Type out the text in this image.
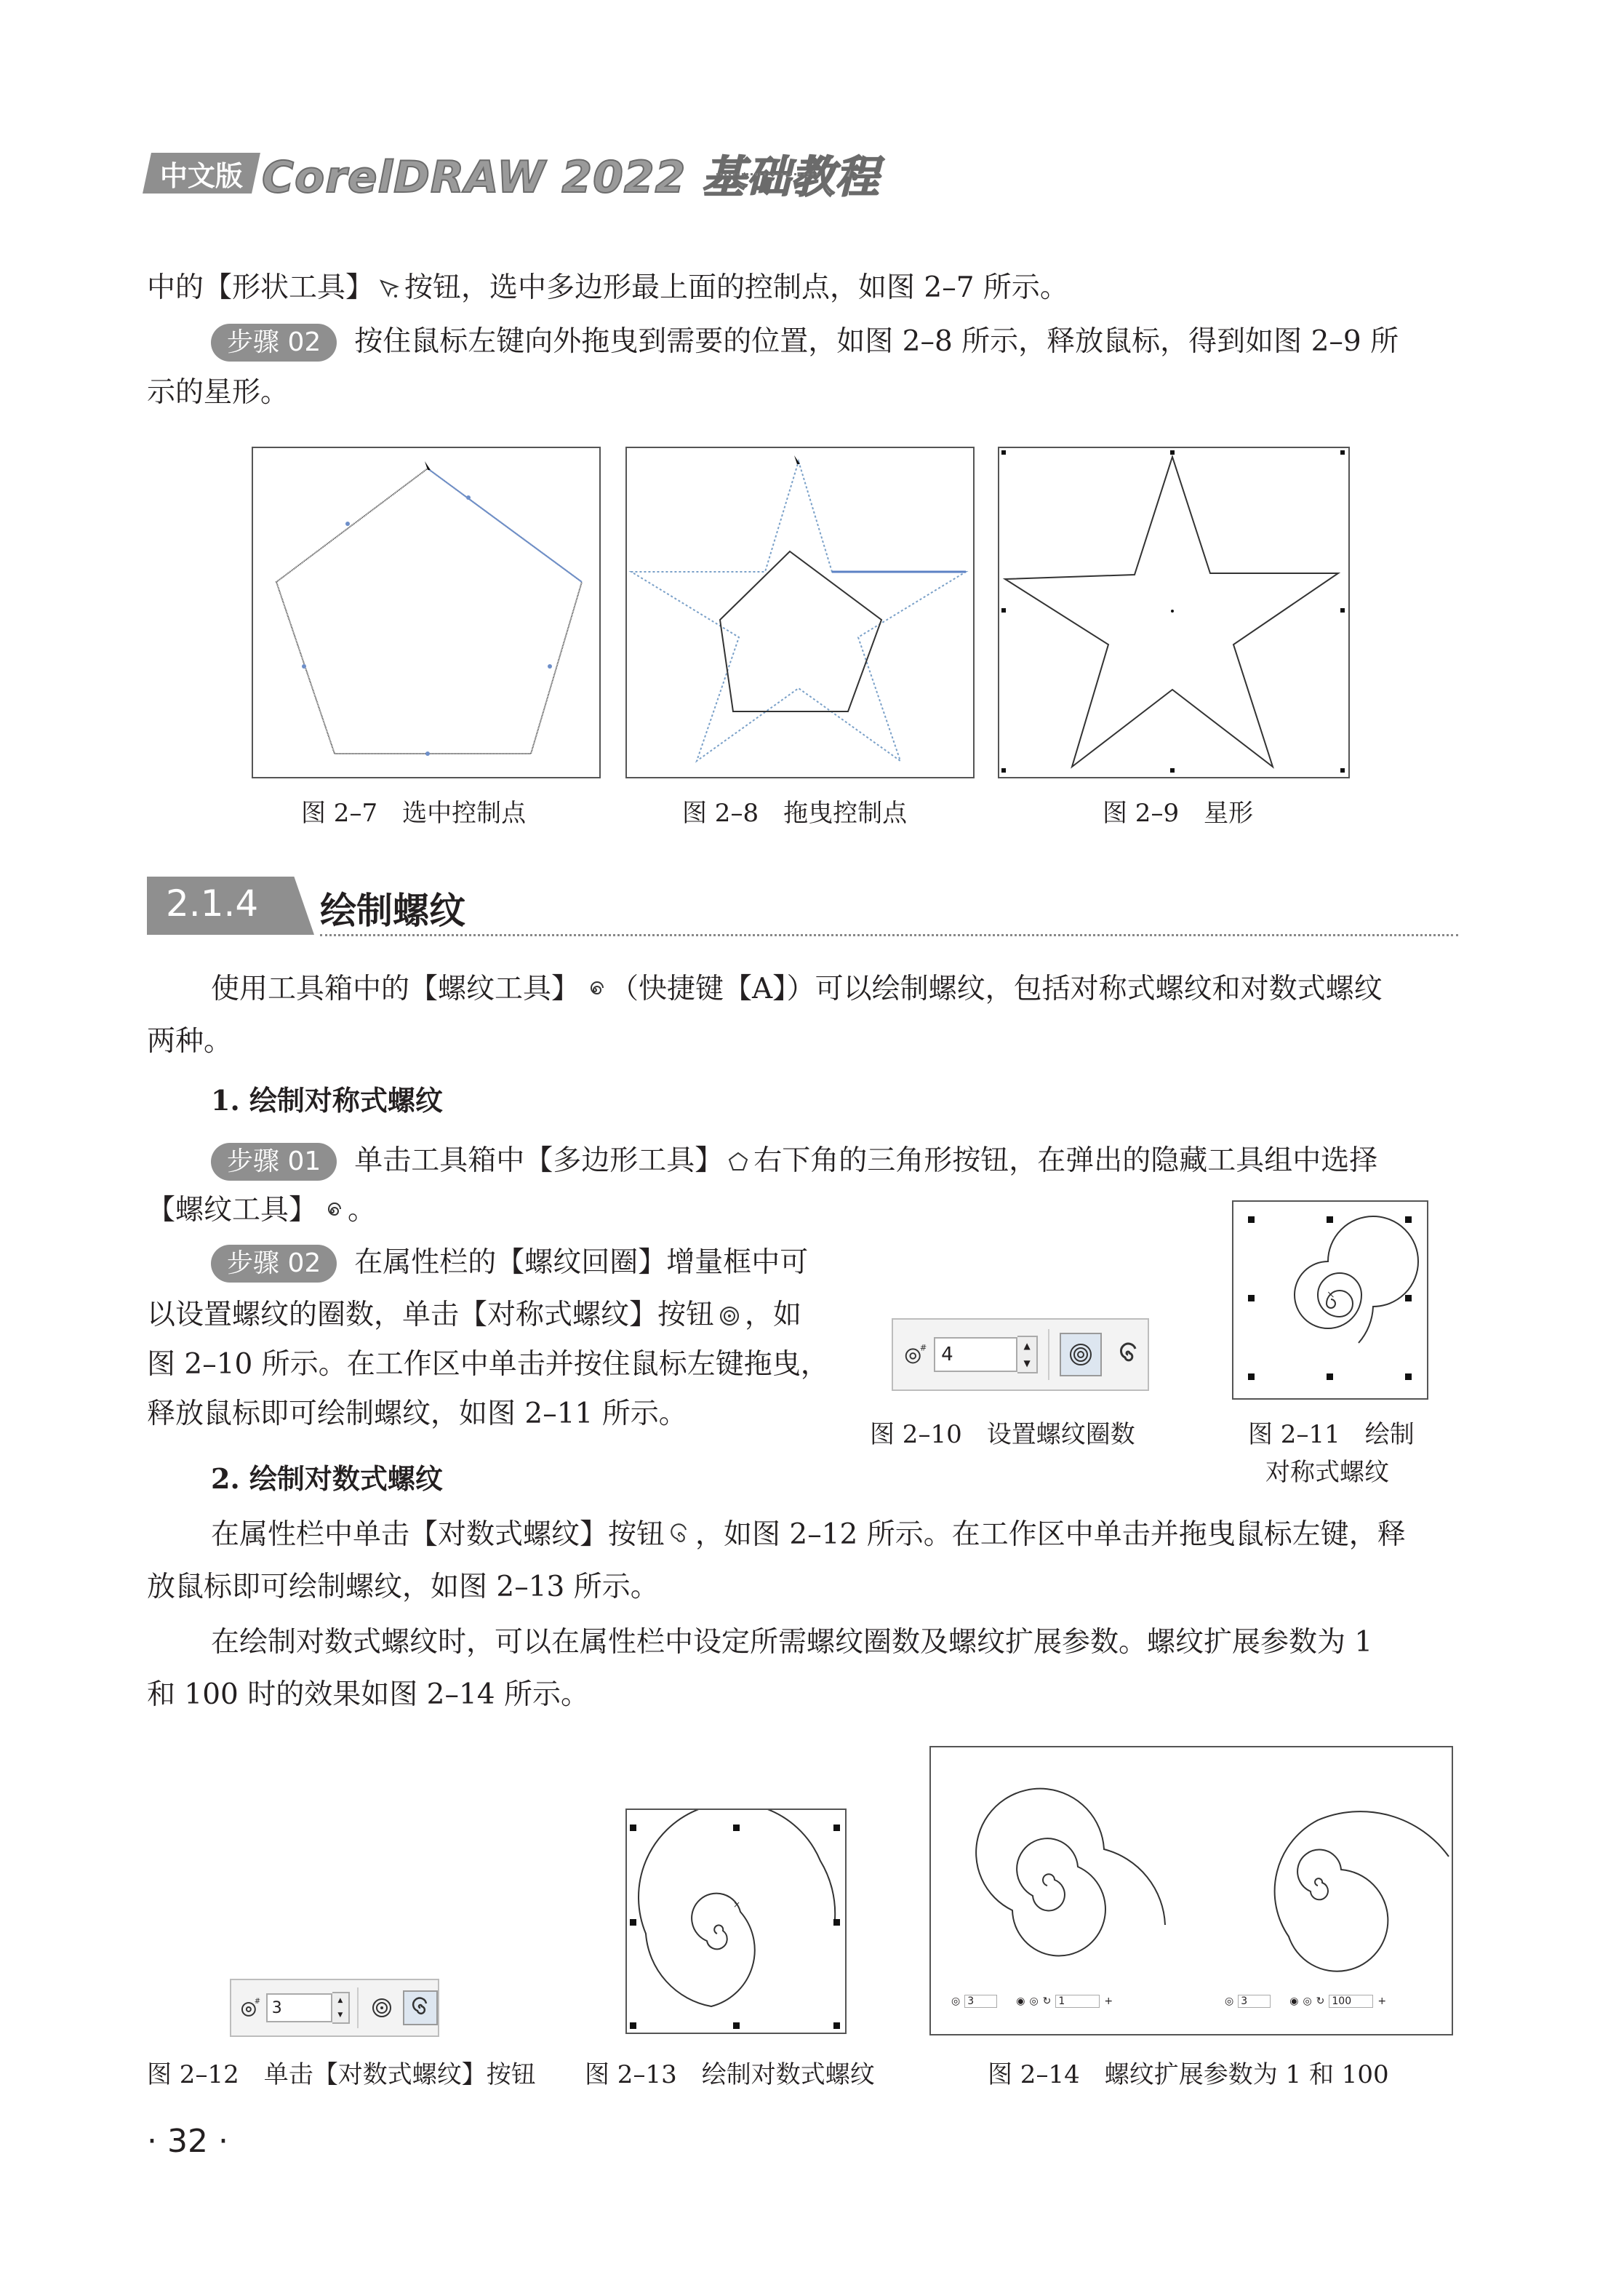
中文版 CorelDRAW 2022 基础教程
中的【形状工具】 按钮，选中多边形最上面的控制点，如图 2–7 所示。
步骤 02 按住鼠标左键向外拖曳到需要的位置，如图 2–8 所示，释放鼠标，得到如图 2–9 所
示的星形。
图 2–7　选中控制点	图 2–8　拖曳控制点	图 2–9　星形
2.1.4 绘制螺纹
使用工具箱中的【螺纹工具】 （快捷键【A】）可以绘制螺纹，包括对称式螺纹和对数式螺纹
两种。
1. 绘制对称式螺纹
步骤 01 单击工具箱中【多边形工具】 右下角的三角形按钮，在弹出的隐藏工具组中选择
【螺纹工具】 。
步骤 02 在属性栏的【螺纹回圈】增量框中可
以设置螺纹的圈数，单击【对称式螺纹】按钮 ，如
图 2–10 所示。在工作区中单击并按住鼠标左键拖曳，
释放鼠标即可绘制螺纹，如图 2–11 所示。
# 4	▲
▼
图 2–10　设置螺纹圈数
×
图 2–11　绘制
对称式螺纹
2. 绘制对数式螺纹
在属性栏中单击【对数式螺纹】按钮 ，如图 2–12 所示。在工作区中单击并拖曳鼠标左键，释
放鼠标即可绘制螺纹，如图 2–13 所示。
在绘制对数式螺纹时，可以在属性栏中设定所需螺纹圈数及螺纹扩展参数。螺纹扩展参数为 1
和 100 时的效果如图 2–14 所示。
# 3	▲
▼
图 2–12　单击【对数式螺纹】按钮
×
图 2–13　绘制对数式螺纹
◎ 3	◉ ◎ ↻ 1	+	◎ 3	◉ ◎ ↻ 100	+
图 2–14　螺纹扩展参数为 1 和 100
· 32 ·
